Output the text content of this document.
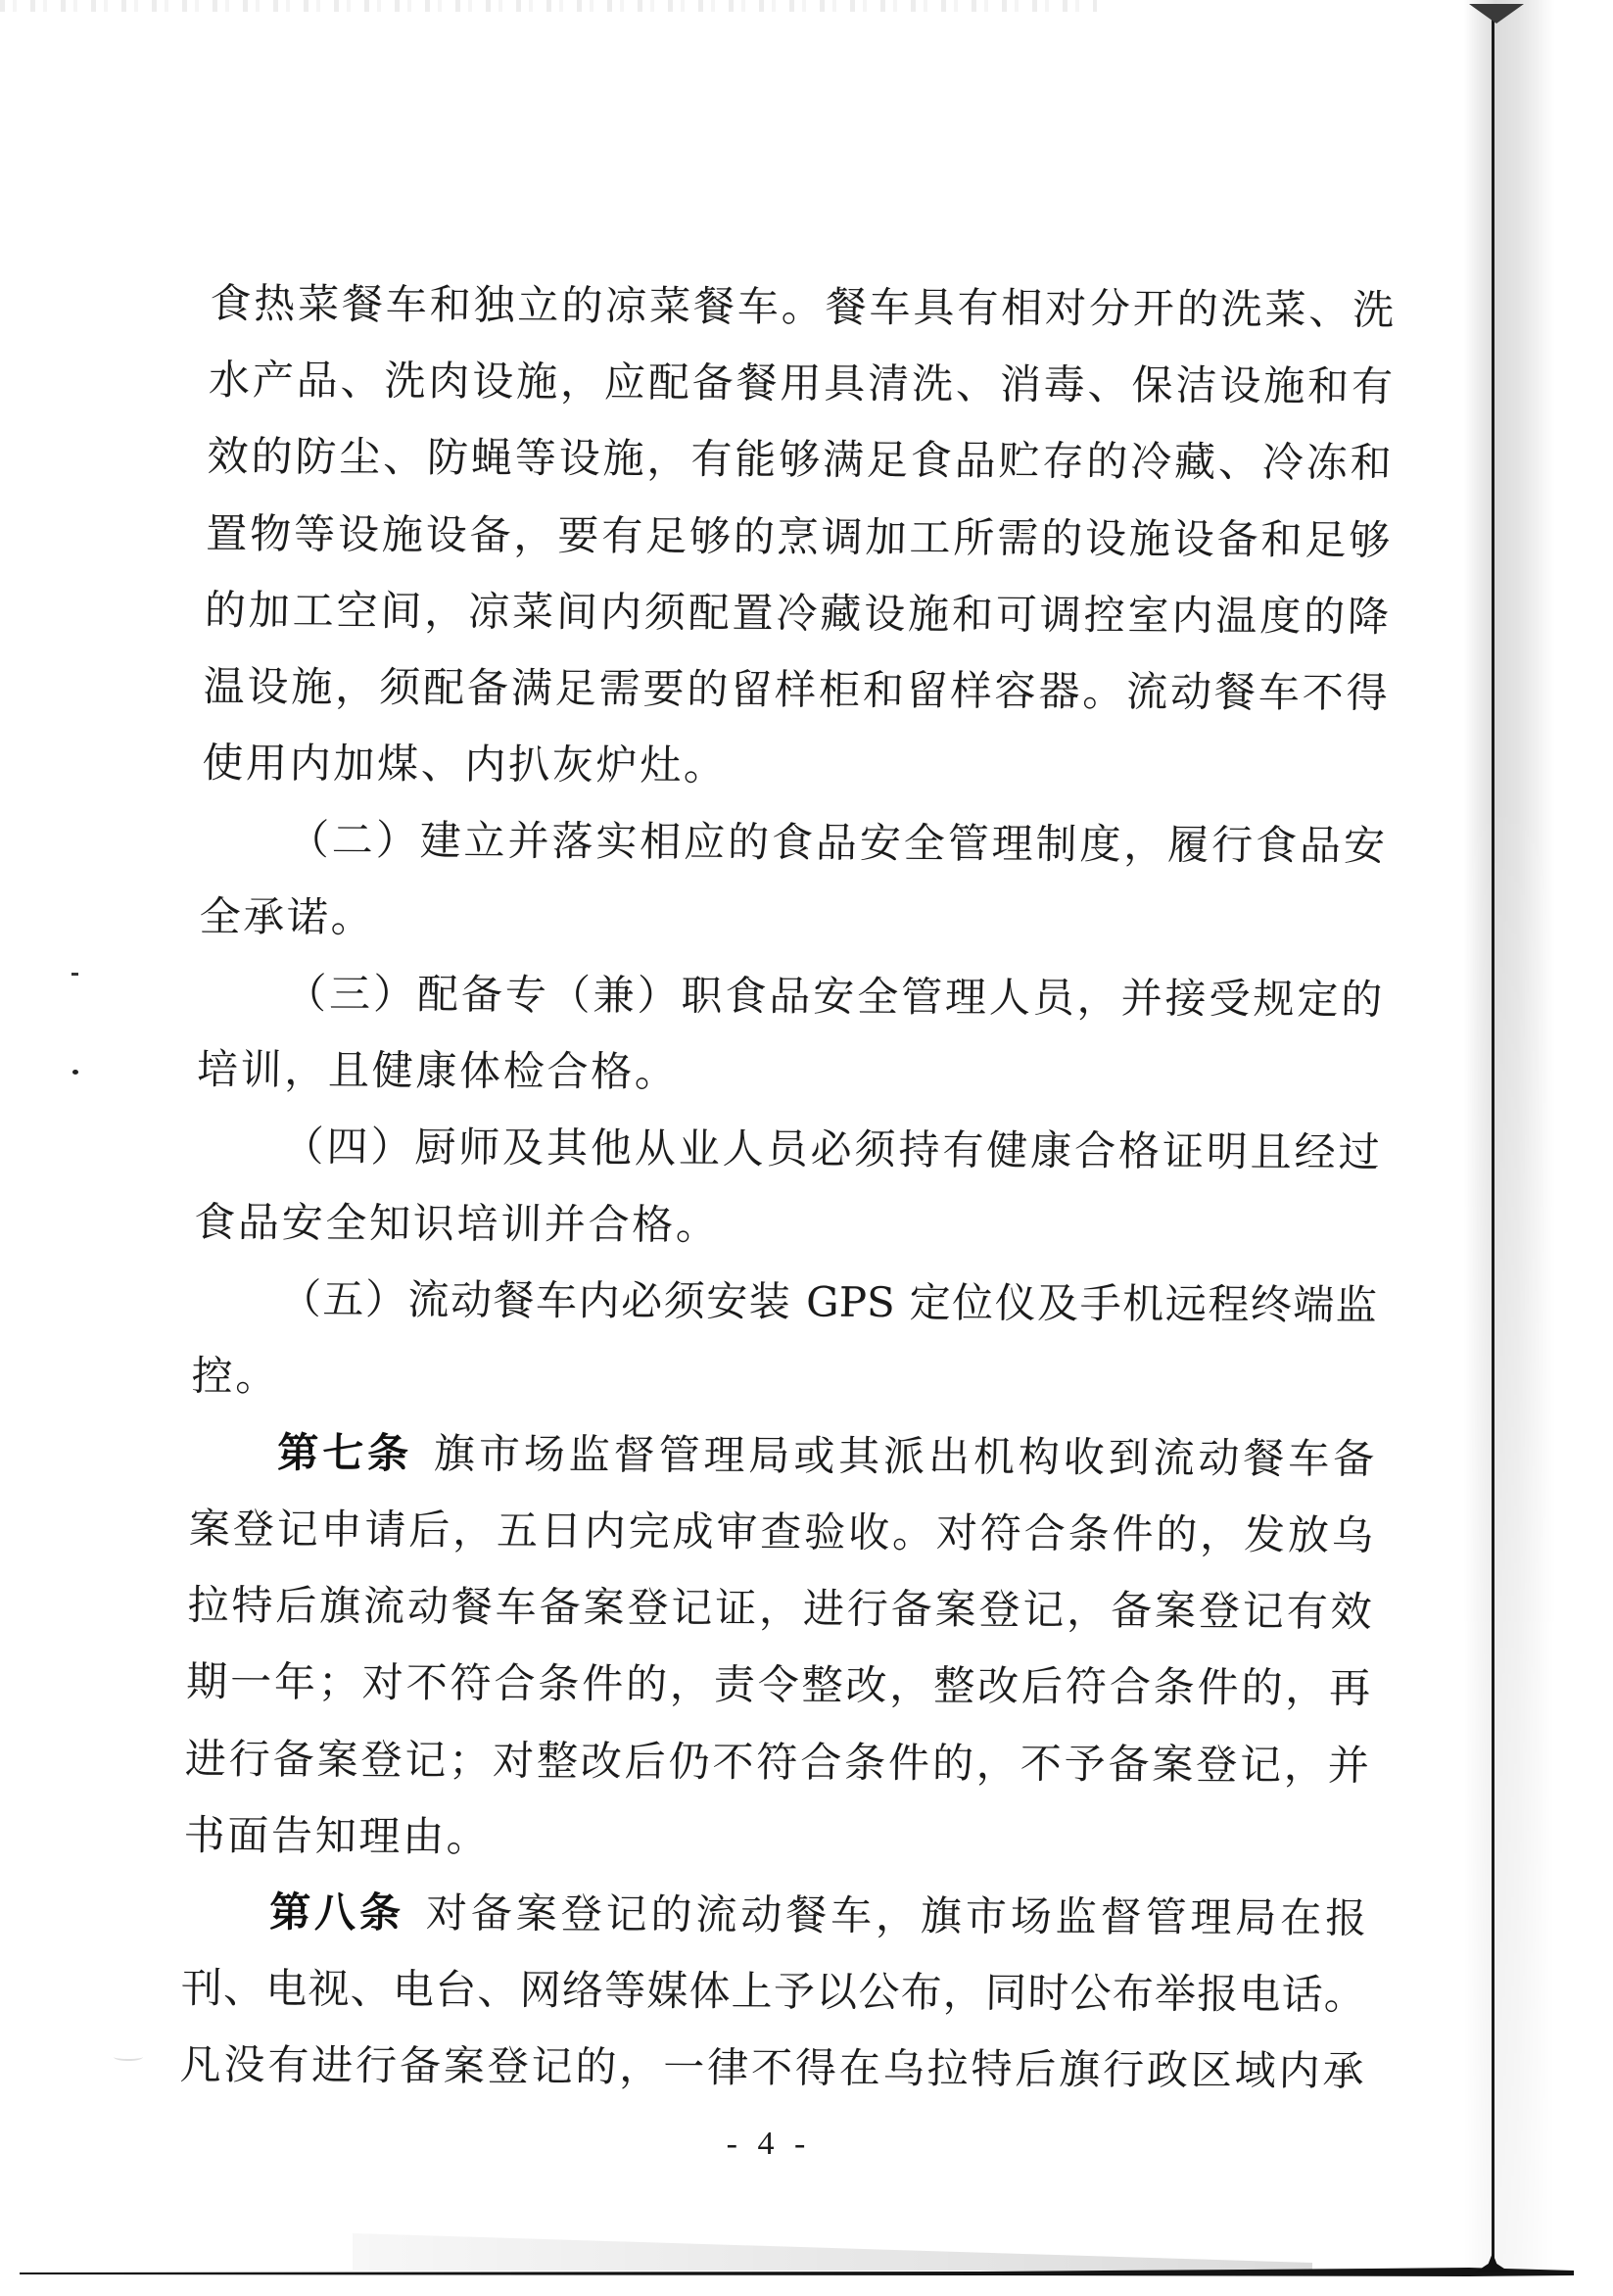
食热菜餐车和独立的凉菜餐车。餐车具有相对分开的洗菜、洗
水产品、洗肉设施，应配备餐用具清洗、消毒、保洁设施和有
效的防尘、防蝇等设施，有能够满足食品贮存的冷藏、冷冻和
置物等设施设备，要有足够的烹调加工所需的设施设备和足够
的加工空间，凉菜间内须配置冷藏设施和可调控室内温度的降
温设施，须配备满足需要的留样柜和留样容器。流动餐车不得
使用内加煤、内扒灰炉灶。
（二）建立并落实相应的食品安全管理制度，履行食品安
全承诺。
（三）配备专（兼）职食品安全管理人员，并接受规定的
培训，且健康体检合格。
（四）厨师及其他从业人员必须持有健康合格证明且经过
食品安全知识培训并合格。
（五）流动餐车内必须安装 GPS 定位仪及手机远程终端监
控。
第七条 旗市场监督管理局或其派出机构收到流动餐车备
案登记申请后，五日内完成审查验收。对符合条件的，发放乌
拉特后旗流动餐车备案登记证，进行备案登记，备案登记有效
期一年；对不符合条件的，责令整改，整改后符合条件的，再
进行备案登记；对整改后仍不符合条件的，不予备案登记，并
书面告知理由。
第八条 对备案登记的流动餐车，旗市场监督管理局在报
刊、电视、电台、网络等媒体上予以公布，同时公布举报电话。
凡没有进行备案登记的，一律不得在乌拉特后旗行政区域内承
- 4 -
